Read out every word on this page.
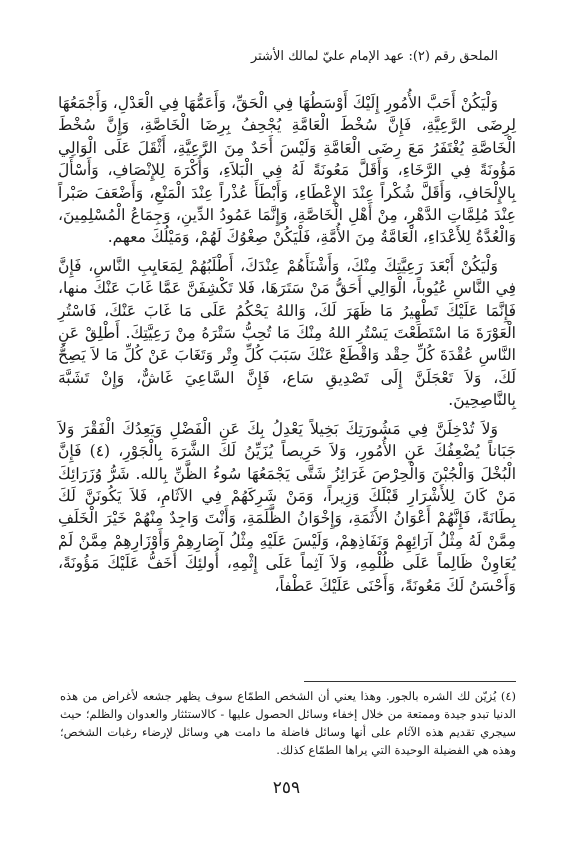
الملحق رقم (٢): عهد الإمام عليّ لمالك الأشتر

وَلْيَكُنْ أَحَبَّ الأُمُورِ إِلَيْكَ أَوْسَطُهَا فِي الْحَقِّ، وَأَعَمُّهَا فِي الْعَدْلِ، وَأَجْمَعُهَا لِرِضَى الرَّعِيَّةِ، فَإِنَّ سُخْطَ الْعَامَّةِ يُجْحِفُ بِرِضَا الْخَاصَّةِ، وَإِنَّ سُخْطَ الْخَاصَّةِ يُغْتَفَرُ مَعَ رِضَى الْعَامَّةِ وَلَيْسَ أَحَدٌ مِنَ الرَّعِيَّةِ، أَثْقَلَ عَلَى الْوَالِي مَؤُونَةً فِي الرَّخَاءِ، وَأَقَلَّ مَعُونَةً لَهُ فِي الْبَلاَءِ، وَأَكْرَهَ لِلإِنْصَافِ، وَأَسْأَلَ بِالإِلْحَافِ، وَأَقَلَّ شُكْراً عِنْدَ الإِعْطَاءِ، وَأَبْطَأَ عُذْراً عِنْدَ الْمَنْعِ، وَأَضْعَفَ صَبْراً عِنْدَ مُلِمَّاتِ الدَّهْرِ، مِنْ أَهْلِ الْخَاصَّةِ، وَإِنَّمَا عَمُودُ الدِّينِ، وَجِمَاعُ الْمُسْلِمِينَ، وَالْعُدَّةُ لِلأَعْدَاءِ، الْعَامَّةُ مِنَ الأُمَّةِ، فَلْيَكُنْ صِغْوُكَ لَهُمْ، وَمَيْلُكَ معهم.

وَلْيَكُنْ أَبْعَدَ رَعِيَّتِكَ مِنْكَ، وَأَشْنَأَهُمْ عِنْدَكَ، أَطْلَبُهُمْ لِمَعَايِبِ النَّاسِ، فَإِنَّ فِي النَّاسِ عُيُوباً، الْوَالِي أَحَقُّ مَنْ سَتَرَهَا، فَلا تَكْشِفَنَّ عَمَّا غَابَ عَنْكَ منها، فَإِنَّمَا عَلَيْكَ تَطْهِيرُ مَا ظَهَرَ لَكَ، وَاللهُ يَحْكُمُ عَلَى مَا غَابَ عَنْكَ، فَاسْتُرِ الْعَوْرَةَ مَا اسْتَطَعْتَ يَسْتُرِ اللهُ مِنْكَ مَا تُحِبُّ سَتْرَهُ مِنْ رَعِيَّتِكَ. أَطْلِقْ عَنِ النَّاسِ عُقْدَةَ كُلِّ حِقْد وَاقْطَعْ عَنْكَ سَبَبَ كُلِّ وِتْر وَتَغَابَ عَنْ كُلِّ مَا لاَ يَصِحُّ لَكَ، وَلاَ تَعْجَلَنَّ إِلَى تَصْدِيقِ سَاع، فَإِنَّ السَّاعِيَ غَاشٌّ، وَإِنْ تَشَبَّهَ بِالنَّاصِحِينَ.

وَلاَ تُدْخِلَنَّ فِي مَشُورَتِكَ بَخِيلاً يَعْدِلُ بِكَ عَنِ الْفَضْلِ وَيَعِدُكَ الْفَقْرَ وَلاَ جَبَاناً يُضْعِفُكَ عَنِ الأُمُورِ، وَلاَ حَرِيصاً يُزَيِّنُ لَكَ الشَّرَهَ بِالْجَوْرِ، (٤) فَإِنَّ الْبُخْلَ وَالْجُبْنَ وَالْحِرْصَ غَرَائِزُ شَتَّى يَجْمَعُهَا سُوءُ الظَّنِّ بِالله. شَرُّ وُزَرَائِكَ مَنْ كَانَ لِلأَشْرَارِ قَبْلَكَ وَزِيراً، وَمَنْ شَرِكَهُمْ فِي الآثَامِ، فَلاَ يَكُونَنَّ لَكَ بِطَانَةً، فَإِنَّهُمْ أَعْوَانُ الأَثَمَةِ، وَإِخْوَانُ الظَّلَمَةِ، وَأَنْتَ وَاجِدٌ مِنْهُمْ خَيْرَ الْخَلَفِ مِمَّنْ لَهُ مِثْلُ آرَائِهِمْ وَنَفَاذِهِمْ، وَلَيْسَ عَلَيْهِ مِثْلُ آصَارِهِمْ وَأَوْزَارِهِمْ مِمَّنْ لَمْ يُعَاوِنْ ظَالِماً عَلَى ظُلْمِهِ، وَلاَ آثِماً عَلَى إِثْمِهِ، أُولئِكَ أَخَفُّ عَلَيْكَ مَؤُونَةً، وَأَحْسَنُ لَكَ مَعُونَةً، وَأَحْنَى عَلَيْكَ عَطْفاً،

(٤) يُزيّن لك الشره بالجور. وهذا يعني أن الشخص الطمّاع سوف يظهر جشعه لأغراض من هذه الدنيا تبدو جيدة وممتعة من خلال إخفاء وسائل الحصول عليها - كالاستئثار والعدوان والظلم؛ حيث سيجري تقديم هذه الآثام على أنها وسائل فاضلة ما دامت هي وسائل لإرضاء رغبات الشخص؛ وهذه هي الفضيلة الوحيدة التي يراها الطمّاع كذلك.
٢٥٩
